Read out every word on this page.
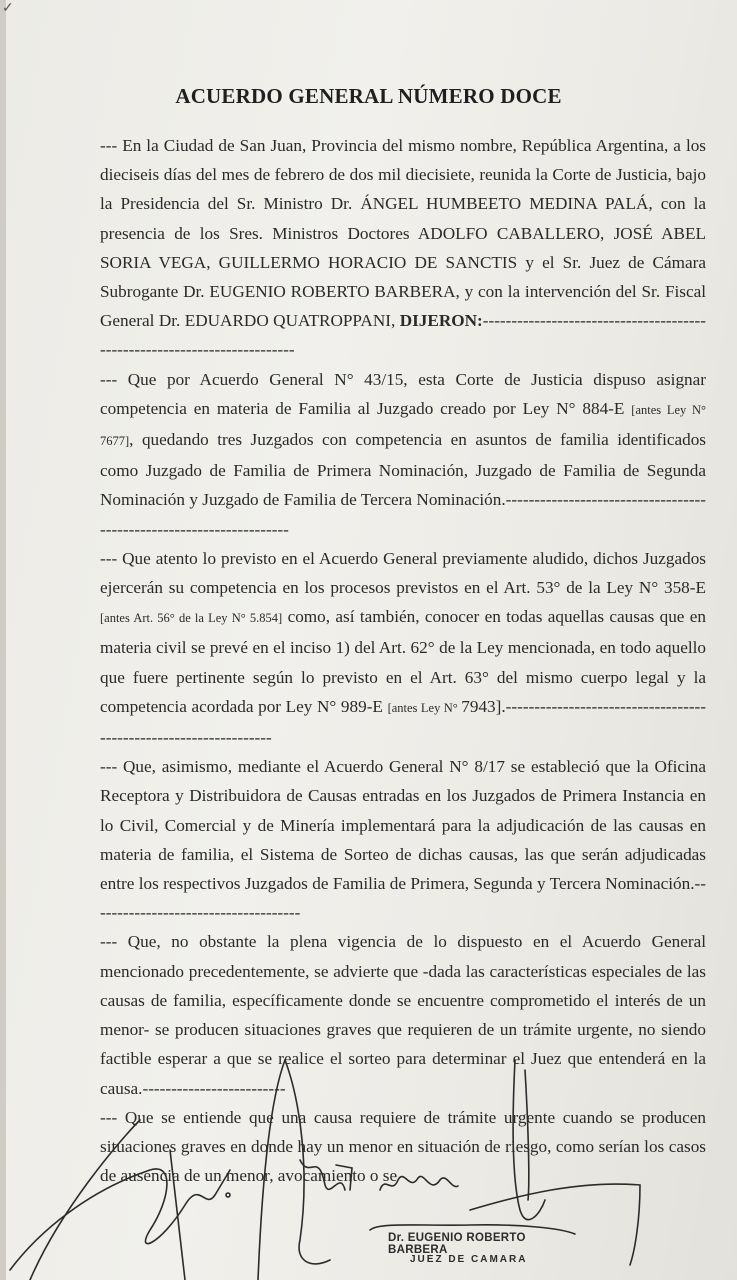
ACUERDO GENERAL NÚMERO DOCE
--- En la Ciudad de San Juan, Provincia del mismo nombre, República Argentina, a los dieciseis días del mes de febrero de dos mil diecisiete, reunida la Corte de Justicia, bajo la Presidencia del Sr. Ministro Dr. ÁNGEL HUMBEETO MEDINA PALÁ, con la presencia de los Sres. Ministros Doctores ADOLFO CABALLERO, JOSÉ ABEL SORIA VEGA, GUILLERMO HORACIO DE SANCTIS y el Sr. Juez de Cámara Subrogante Dr. EUGENIO ROBERTO BARBERA, y con la intervención del Sr. Fiscal General Dr. EDUARDO QUATROPPANI, DIJERON:-------------------------------------------------------------------------
--- Que por Acuerdo General N° 43/15, esta Corte de Justicia dispuso asignar competencia en materia de Familia al Juzgado creado por Ley N° 884-E [antes Ley N° 7677], quedando tres Juzgados con competencia en asuntos de familia identificados como Juzgado de Familia de Primera Nominación, Juzgado de Familia de Segunda Nominación y Juzgado de Familia de Tercera Nominación.--------------------------------------------------------------------
--- Que atento lo previsto en el Acuerdo General previamente aludido, dichos Juzgados ejercerán su competencia en los procesos previstos en el Art. 53° de la Ley N° 358-E [antes Art. 56° de la Ley N° 5.854] como, así también, conocer en todas aquellas causas que en materia civil se prevé en el inciso 1) del Art. 62° de la Ley mencionada, en todo aquello que fuere pertinente según lo previsto en el Art. 63° del mismo cuerpo legal y la competencia acordada por Ley N° 989-E [antes Ley N° 7943].-----------------------------------------------------------------
--- Que, asimismo, mediante el Acuerdo General N° 8/17 se estableció que la Oficina Receptora y Distribuidora de Causas entradas en los Juzgados de Primera Instancia en lo Civil, Comercial y de Minería implementará para la adjudicación de las causas en materia de familia, el Sistema de Sorteo de dichas causas, las que serán adjudicadas entre los respectivos Juzgados de Familia de Primera, Segunda y Tercera Nominación.-------------------------------------
--- Que, no obstante la plena vigencia de lo dispuesto en el Acuerdo General mencionado precedentemente, se advierte que -dada las características especiales de las causas de familia, específicamente donde se encuentre comprometido el interés de un menor- se producen situaciones graves que requieren de un trámite urgente, no siendo factible esperar a que se realice el sorteo para determinar el Juez que entenderá en la causa.-------------------------
--- Que se entiende que una causa requiere de trámite urgente cuando se producen situaciones graves en donde hay un menor en situación de riesgo, como serían los casos de ausencia de un menor, avocamiento o se
✓
Dr. EUGENIO ROBERTO BARBERA
JUEZ DE CAMARA
